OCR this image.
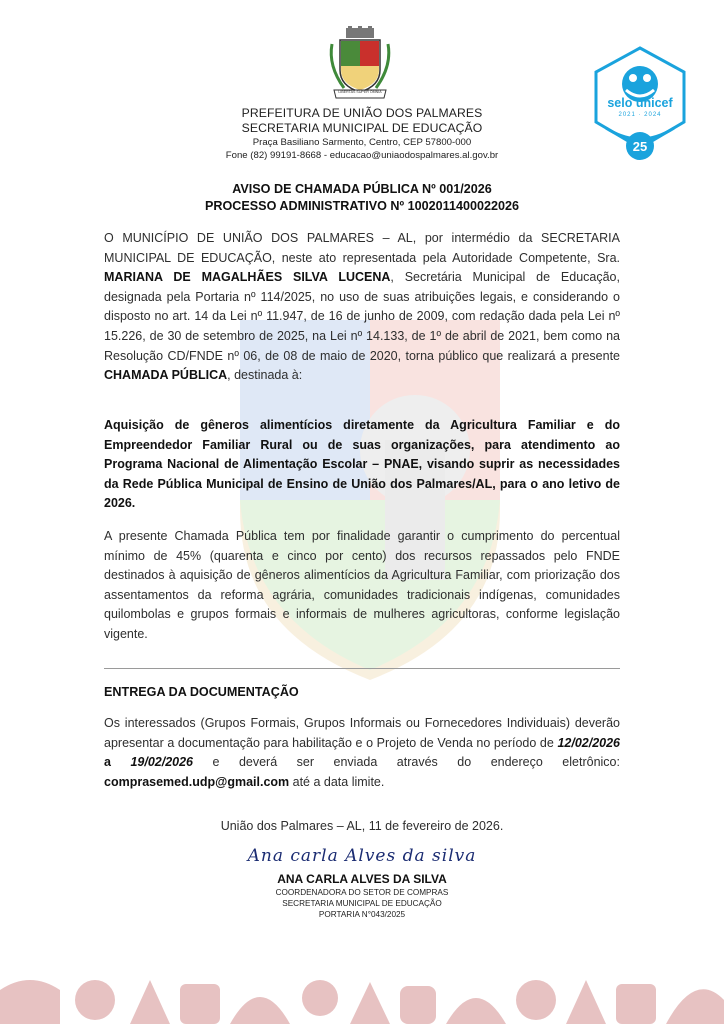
LIBERTAS SUPER OMNIA
selo unicef
2021 · 2024
25
PREFEITURA DE UNIÃO DOS PALMARES
SECRETARIA MUNICIPAL DE EDUCAÇÃO
Praça Basiliano Sarmento, Centro, CEP 57800-000
Fone (82) 99191-8668 - educacao@uniaodospalmares.al.gov.br
AVISO DE CHAMADA PÚBLICA Nº 001/2026
PROCESSO ADMINISTRATIVO Nº 1002011400022026
O MUNICÍPIO DE UNIÃO DOS PALMARES – AL, por intermédio da SECRETARIA MUNICIPAL DE EDUCAÇÃO, neste ato representada pela Autoridade Competente, Sra. MARIANA DE MAGALHÃES SILVA LUCENA, Secretária Municipal de Educação, designada pela Portaria nº 114/2025, no uso de suas atribuições legais, e considerando o disposto no art. 14 da Lei nº 11.947, de 16 de junho de 2009, com redação dada pela Lei nº 15.226, de 30 de setembro de 2025, na Lei nº 14.133, de 1º de abril de 2021, bem como na Resolução CD/FNDE nº 06, de 08 de maio de 2020, torna público que realizará a presente CHAMADA PÚBLICA, destinada à:
Aquisição de gêneros alimentícios diretamente da Agricultura Familiar e do Empreendedor Familiar Rural ou de suas organizações, para atendimento ao Programa Nacional de Alimentação Escolar – PNAE, visando suprir as necessidades da Rede Pública Municipal de Ensino de União dos Palmares/AL, para o ano letivo de 2026.
A presente Chamada Pública tem por finalidade garantir o cumprimento do percentual mínimo de 45% (quarenta e cinco por cento) dos recursos repassados pelo FNDE destinados à aquisição de gêneros alimentícios da Agricultura Familiar, com priorização dos assentamentos da reforma agrária, comunidades tradicionais indígenas, comunidades quilombolas e grupos formais e informais de mulheres agricultoras, conforme legislação vigente.
ENTREGA DA DOCUMENTAÇÃO
Os interessados (Grupos Formais, Grupos Informais ou Fornecedores Individuais) deverão apresentar a documentação para habilitação e o Projeto de Venda no período de 12/02/2026 a 19/02/2026 e deverá ser enviada através do endereço eletrônico: comprasemed.udp@gmail.com até a data limite.
União dos Palmares – AL, 11 de fevereiro de 2026.
Ana carla Alves da silva
ANA CARLA ALVES DA SILVA
COORDENADORA DO SETOR DE COMPRAS
SECRETARIA MUNICIPAL DE EDUCAÇÃO
PORTARIA N°043/2025
